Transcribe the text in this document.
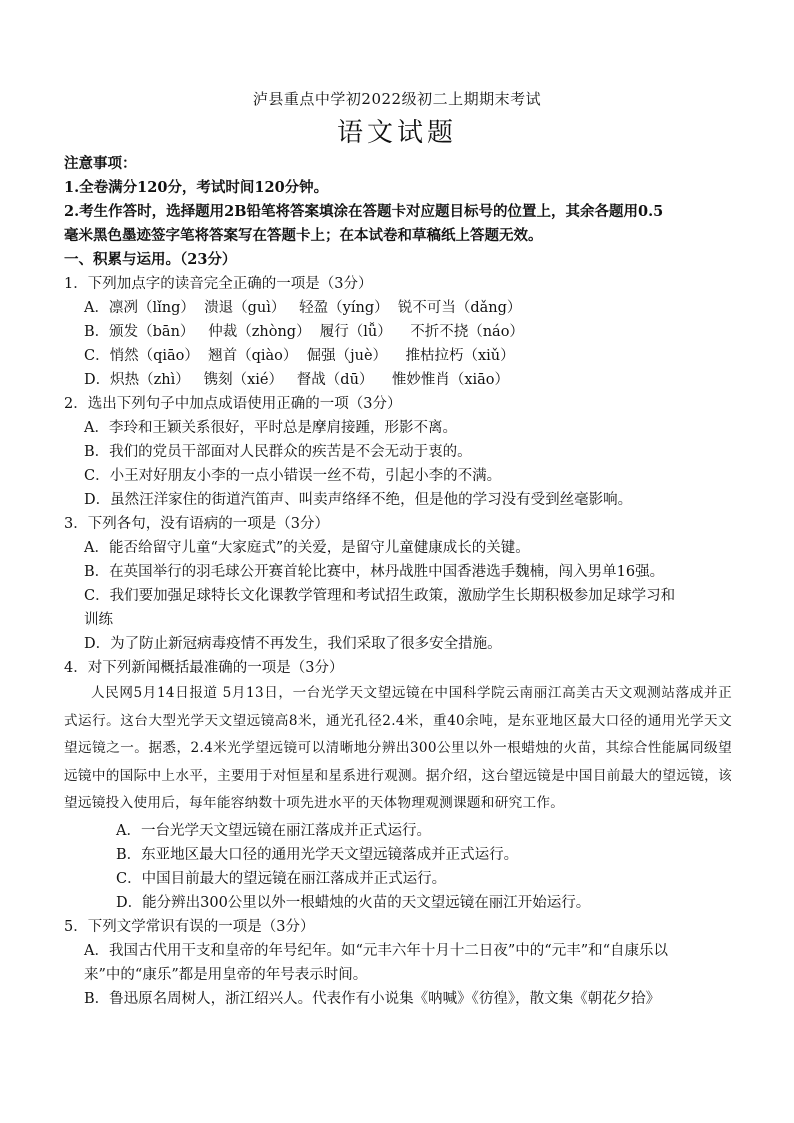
泸县重点中学初2022级初二上期期末考试
语文试题
注意事项：
1.全卷满分120分，考试时间120分钟。
2.考生作答时，选择题用2B铅笔将答案填涂在答题卡对应题目标号的位置上，其余各题用0.5
毫米黑色墨迹签字笔将答案写在答题卡上；在本试卷和草稿纸上答题无效。
一、积累与运用。（23分）
1．下列加点字的读音完全正确的一项是（3分）
A．凛冽（lǐng）  溃退（guì）   轻盈（yíng）  锐不可当（dǎng）
B．颁发（bān）   仲裁（zhòng）  履行（lǚ）    不折不挠（náo）
C．悄然（qiāo）  翘首（qiào）  倔强（juè）    推枯拉朽（xiǔ）
D．炽热（zhì）   镌刻（xié）   督战（dū）    惟妙惟肖（xiāo）
2．选出下列句子中加点成语使用正确的一项（3分）
A．李玲和王颖关系很好，平时总是摩肩接踵，形影不离。
B．我们的党员干部面对人民群众的疾苦是不会无动于衷的。
C．小王对好朋友小李的一点小错误一丝不苟，引起小李的不满。
D．虽然汪洋家住的街道汽笛声、叫卖声络绎不绝，但是他的学习没有受到丝毫影响。
3．下列各句，没有语病的一项是（3分）
A．能否给留守儿童“大家庭式”的关爱，是留守儿童健康成长的关键。
B．在英国举行的羽毛球公开赛首轮比赛中，林丹战胜中国香港选手魏楠，闯入男单16强。
C．我们要加强足球特长文化课教学管理和考试招生政策，激励学生长期积极参加足球学习和
训练
D．为了防止新冠病毒疫情不再发生，我们采取了很多安全措施。
4．对下列新闻概括最准确的一项是（3分）

人民网5月14日报道 5月13日，一台光学天文望远镜在中国科学院云南丽江高美古天文观测站落成并正式运行。这台大型光学天文望远镜高8米，通光孔径2.4米，重40余吨，是东亚地区最大口径的通用光学天文望远镜之一。据悉，2.4米光学望远镜可以清晰地分辨出300公里以外一根蜡烛的火苗，其综合性能属同级望远镜中的国际中上水平，主要用于对恒星和星系进行观测。据介绍，这台望远镜是中国目前最大的望远镜，该望远镜投入使用后，每年能容纳数十项先进水平的天体物理观测课题和研究工作。

A．一台光学天文望远镜在丽江落成并正式运行。
B．东亚地区最大口径的通用光学天文望远镜落成并正式运行。
C．中国目前最大的望远镜在丽江落成并正式运行。
D．能分辨出300公里以外一根蜡烛的火苗的天文望远镜在丽江开始运行。
5．下列文学常识有误的一项是（3分）
A．我国古代用干支和皇帝的年号纪年。如“元丰六年十月十二日夜”中的“元丰”和“自康乐以
来”中的“康乐”都是用皇帝的年号表示时间。
B．鲁迅原名周树人，浙江绍兴人。代表作有小说集《呐喊》《彷徨》，散文集《朝花夕拾》
